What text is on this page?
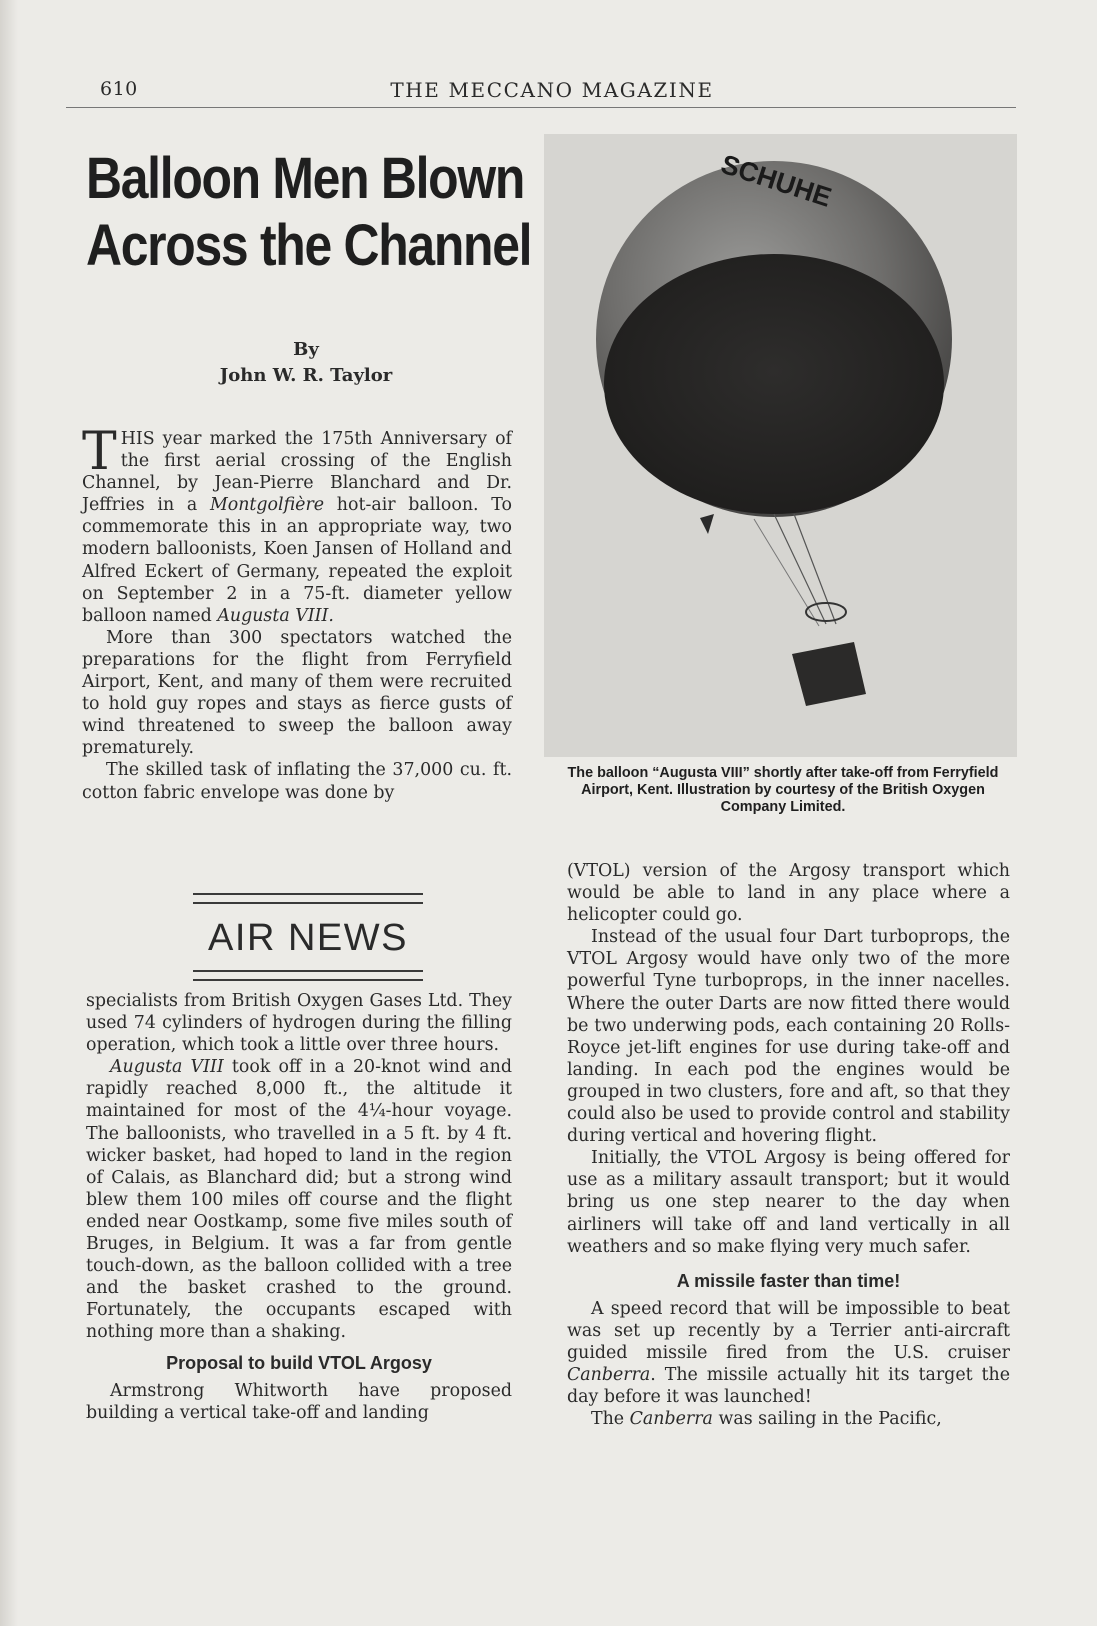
610	THE MECCANO MAGAZINE
Balloon Men Blown
Across the Channel
By
John W. R. Taylor

THIS year marked the 175th Anniversary of the first aerial crossing of the English Channel, by Jean-Pierre Blanchard and Dr. Jeffries in a Montgolfière hot-air balloon. To commemorate this in an appropriate way, two modern balloonists, Koen Jansen of Holland and Alfred Eckert of Germany, repeated the exploit on September 2 in a 75-ft. diameter yellow balloon named Augusta VIII.

More than 300 spectators watched the preparations for the flight from Ferryfield Airport, Kent, and many of them were recruited to hold guy ropes and stays as fierce gusts of wind threatened to sweep the balloon away prematurely.

The skilled task of inflating the 37,000 cu. ft. cotton fabric envelope was done by

AIR NEWS

specialists from British Oxygen Gases Ltd. They used 74 cylinders of hydrogen during the filling operation, which took a little over three hours.

Augusta VIII took off in a 20-knot wind and rapidly reached 8,000 ft., the altitude it maintained for most of the 4¼-hour voyage. The balloonists, who travelled in a 5 ft. by 4 ft. wicker basket, had hoped to land in the region of Calais, as Blanchard did; but a strong wind blew them 100 miles off course and the flight ended near Oostkamp, some five miles south of Bruges, in Belgium. It was a far from gentle touch-down, as the balloon collided with a tree and the basket crashed to the ground. Fortunately, the occupants escaped with nothing more than a shaking.

Proposal to build VTOL Argosy

Armstrong Whitworth have proposed building a vertical take-off and landing

SCHUHE
The balloon “Augusta VIII” shortly after take-off from Ferryfield Airport, Kent. Illustration by courtesy of the British Oxygen Company Limited.

(VTOL) version of the Argosy transport which would be able to land in any place where a helicopter could go.

Instead of the usual four Dart turboprops, the VTOL Argosy would have only two of the more powerful Tyne turboprops, in the inner nacelles. Where the outer Darts are now fitted there would be two underwing pods, each containing 20 Rolls-Royce jet-lift engines for use during take-off and landing. In each pod the engines would be grouped in two clusters, fore and aft, so that they could also be used to provide control and stability during vertical and hovering flight.

Initially, the VTOL Argosy is being offered for use as a military assault transport; but it would bring us one step nearer to the day when airliners will take off and land vertically in all weathers and so make flying very much safer.

A missile faster than time!

A speed record that will be impossible to beat was set up recently by a Terrier anti-aircraft guided missile fired from the U.S. cruiser Canberra. The missile actually hit its target the day before it was launched!

The Canberra was sailing in the Pacific,
